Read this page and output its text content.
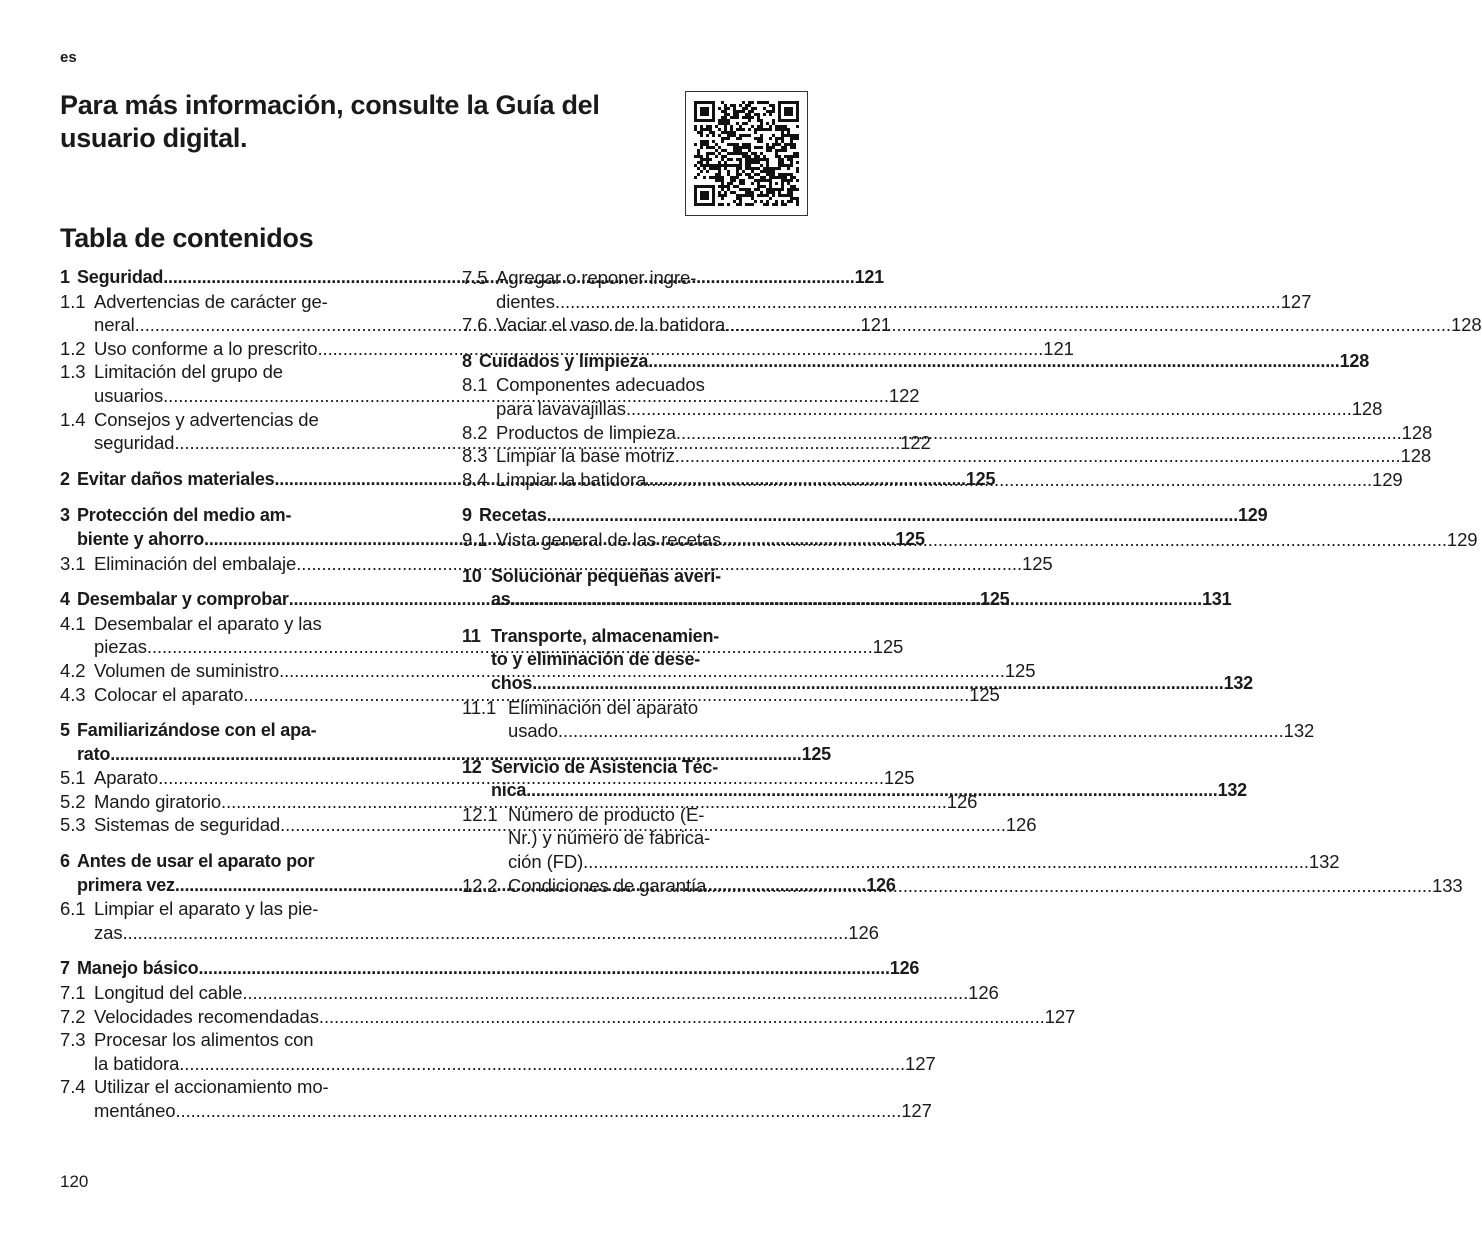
es
Para más información, consulte la Guía del usuario digital.
Tabla de contenidos
1 Seguridad .....	121
1.1 Advertencias de carácter ge-
neral .....	121
1.2 Uso conforme a lo prescrito .....	121
1.3 Limitación del grupo de
usuarios .....	122
1.4 Consejos y advertencias de
seguridad .....	122
2 Evitar daños materiales .....	125
3 Protección del medio am-
biente y ahorro .....	125
3.1 Eliminación del embalaje .....	125
4 Desembalar y comprobar .....	125
4.1 Desembalar el aparato y las
piezas .....	125
4.2 Volumen de suministro .....	125
4.3 Colocar el aparato .....	125
5 Familiarizándose con el apa-
rato .....	125
5.1 Aparato .....	125
5.2 Mando giratorio .....	126
5.3 Sistemas de seguridad .....	126
6 Antes de usar el aparato por
primera vez .....	126
6.1 Limpiar el aparato y las pie-
zas .....	126
7 Manejo básico .....	126
7.1 Longitud del cable .....	126
7.2 Velocidades recomendadas .....	127
7.3 Procesar los alimentos con
la batidora .....	127
7.4 Utilizar el accionamiento mo-
mentáneo .....	127
7.5 Agregar o reponer ingre-
dientes .....	127
7.6 Vaciar el vaso de la batidora .....	128
8 Cuidados y limpieza .....	128
8.1 Componentes adecuados
para lavavajillas .....	128
8.2 Productos de limpieza .....	128
8.3 Limpiar la base motriz .....	128
8.4 Limpiar la batidora .....	129
9 Recetas .....	129
9.1 Vista general de las recetas .....	129
10 Solucionar pequeñas averí-
as .....	131
11 Transporte, almacenamien-
to y eliminación de dese-
chos .....	132
11.1 Eliminación del aparato
usado .....	132
12 Servicio de Asistencia Téc-
nica .....	132
12.1 Número de producto (E-
Nr.) y número de fabrica-
ción (FD) .....	132
12.2 Condiciones de garantía .....	133
120
